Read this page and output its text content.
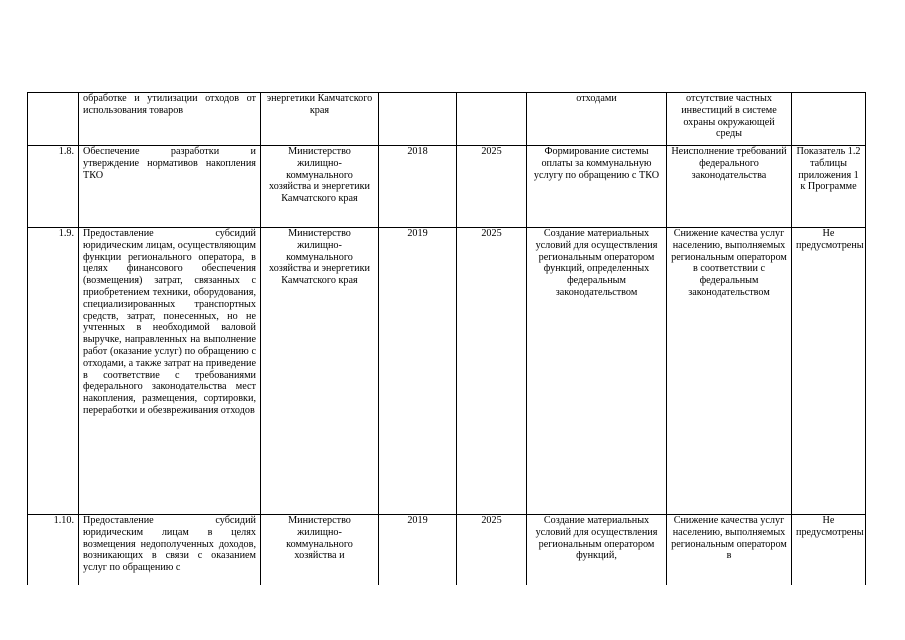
	обработке и утилизации отходов от использования товаров	энергетики Камчатского края			отходами	отсутствие частных инвестиций в системе охраны окружающей среды	
1.8.	Обеспечение разработки и утверждение нормативов накопления ТКО	Министерство жилищно-коммунального хозяйства и энергетики Камчатского края	2018	2025	Формирование системы оплаты за коммунальную услугу по обращению с ТКО	Неисполнение требований федерального законодательства	Показатель 1.2 таблицы приложения 1 к Программе
1.9.	Предоставление субсидий юридическим лицам, осуществляющим функции регионального оператора, в целях финансового обеспечения (возмещения) затрат, связанных с приобретением техники, оборудования, специализированных транспортных средств, затрат, понесенных, но не учтенных в необходимой валовой выручке, направленных на выполнение работ (оказание услуг) по обращению с отходами, а также затрат на приведение в соответствие с требованиями федерального законодательства мест накопления, размещения, сортировки, переработки и обезвреживания отходов	Министерство жилищно-коммунального хозяйства и энергетики Камчатского края	2019	2025	Создание материальных условий для осуществления региональным оператором функций, определенных федеральным законодательством	Снижение качества услуг населению, выполняемых региональным оператором в соответствии с федеральным законодательством	Не предусмотрены
1.10.	Предоставление субсидий юридическим лицам в целях возмещения недополученных доходов, возникающих в связи с оказанием услуг по обращению с	Министерство жилищно-коммунального хозяйства и	2019	2025	Создание материальных условий для осуществления региональным оператором функций,	Снижение качества услуг населению, выполняемых региональным оператором в	Не предусмотрены
